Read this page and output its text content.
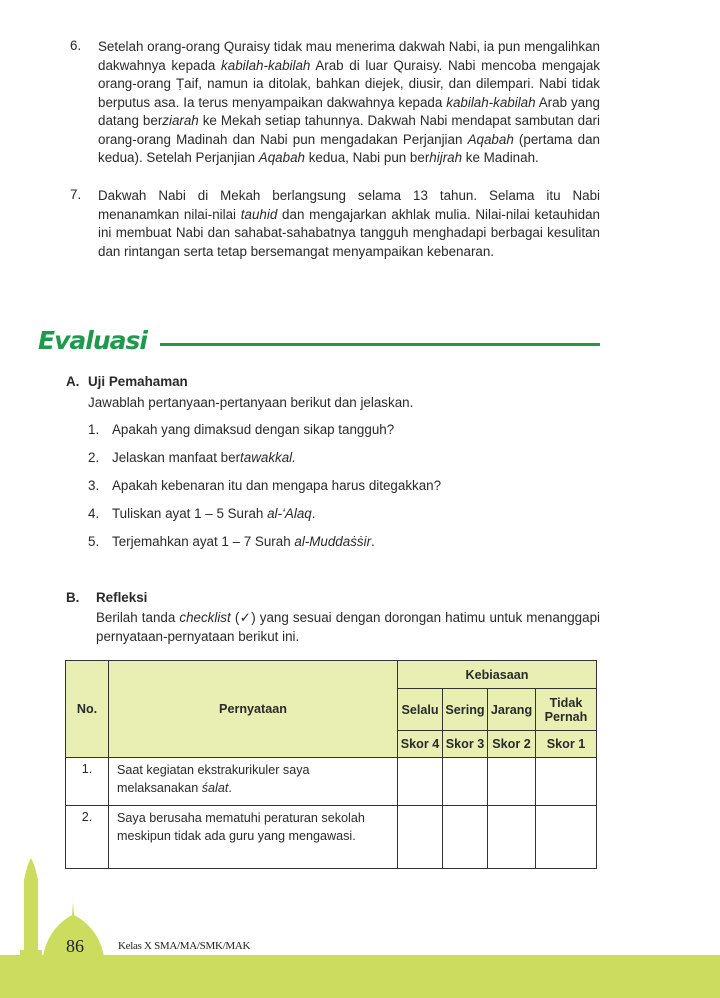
6. Setelah orang-orang Quraisy tidak mau menerima dakwah Nabi, ia pun mengalihkan dakwahnya kepada kabilah-kabilah Arab di luar Quraisy. Nabi mencoba mengajak orang-orang Ṭaif, namun ia ditolak, bahkan diejek, diusir, dan dilempari. Nabi tidak berputus asa. Ia terus menyampaikan dakwahnya kepada kabilah-kabilah Arab yang datang berziarah ke Mekah setiap tahunnya. Dakwah Nabi mendapat sambutan dari orang-orang Madinah dan Nabi pun mengadakan Perjanjian Aqabah (pertama dan kedua). Setelah Perjanjian Aqabah kedua, Nabi pun berhijrah ke Madinah.
7. Dakwah Nabi di Mekah berlangsung selama 13 tahun. Selama itu Nabi menanamkan nilai-nilai tauhid dan mengajarkan akhlak mulia. Nilai-nilai ketauhidan ini membuat Nabi dan sahabat-sahabatnya tangguh menghadapi berbagai kesulitan dan rintangan serta tetap bersemangat menyampaikan kebenaran.
Evaluasi
A. Uji Pemahaman
Jawablah pertanyaan-pertanyaan berikut dan jelaskan.
1. Apakah yang dimaksud dengan sikap tangguh?
2. Jelaskan manfaat bertawakkal.
3. Apakah kebenaran itu dan mengapa harus ditegakkan?
4. Tuliskan ayat 1 – 5 Surah al-‘Alaq.
5. Terjemahkan ayat 1 – 7 Surah al-Muddaṡṡir.
B. Refleksi
Berilah tanda checklist (✓) yang sesuai dengan dorongan hatimu untuk menanggapi pernyataan-pernyataan berikut ini.
No.	Pernyataan	Kebiasaan			
		Selalu	Sering	Jarang	Tidak Pernah
		Skor 4	Skor 3	Skor 2	Skor 1
1.	Saat kegiatan ekstrakurikuler saya melaksanakan śalat.				
2.	Saya berusaha mematuhi peraturan sekolah meskipun tidak ada guru yang mengawasi.				
86	Kelas X SMA/MA/SMK/MAK
